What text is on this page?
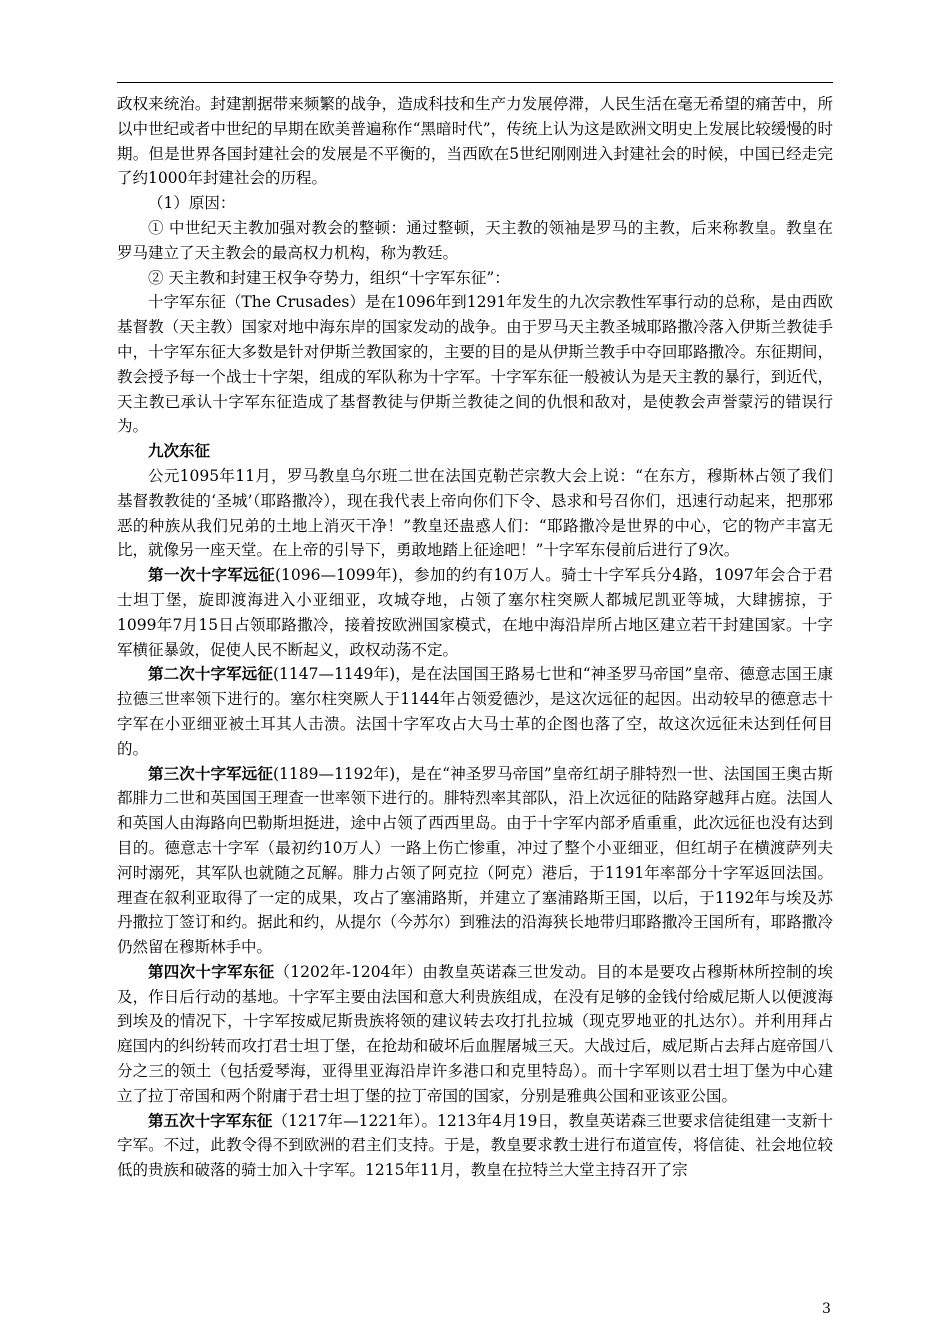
政权来统治。封建割据带来频繁的战争，造成科技和生产力发展停滞，人民生活在毫无希望的痛苦中，所以中世纪或者中世纪的早期在欧美普遍称作“黑暗时代”，传统上认为这是欧洲文明史上发展比较缓慢的时期。但是世界各国封建社会的发展是不平衡的，当西欧在5世纪刚刚进入封建社会的时候，中国已经走完了约1000年封建社会的历程。

（1）原因：

① 中世纪天主教加强对教会的整顿：通过整顿，天主教的领袖是罗马的主教，后来称教皇。教皇在罗马建立了天主教会的最高权力机构，称为教廷。

② 天主教和封建王权争夺势力，组织“十字军东征”：

十字军东征（The Crusades）是在1096年到1291年发生的九次宗教性军事行动的总称，是由西欧基督教（天主教）国家对地中海东岸的国家发动的战争。由于罗马天主教圣城耶路撒冷落入伊斯兰教徒手中，十字军东征大多数是针对伊斯兰教国家的，主要的目的是从伊斯兰教手中夺回耶路撒冷。东征期间，教会授予每一个战士十字架，组成的军队称为十字军。十字军东征一般被认为是天主教的暴行，到近代，天主教已承认十字军东征造成了基督教徒与伊斯兰教徒之间的仇恨和敌对，是使教会声誉蒙污的错误行为。

九次东征

公元1095年11月，罗马教皇乌尔班二世在法国克勒芒宗教大会上说：“在东方，穆斯林占领了我们基督教教徒的‘圣城’（耶路撒冷），现在我代表上帝向你们下令、恳求和号召你们，迅速行动起来，把那邪恶的种族从我们兄弟的土地上消灭干净！”教皇还蛊惑人们：“耶路撒冷是世界的中心，它的物产丰富无比，就像另一座天堂。在上帝的引导下，勇敢地踏上征途吧！”十字军东侵前后进行了9次。

第一次十字军远征(1096—1099年)，参加的约有10万人。骑士十字军兵分4路，1097年会合于君士坦丁堡，旋即渡海进入小亚细亚，攻城夺地，占领了塞尔柱突厥人都城尼凯亚等城，大肆掳掠，于1099年7月15日占领耶路撒冷，接着按欧洲国家模式，在地中海沿岸所占地区建立若干封建国家。十字军横征暴敛，促使人民不断起义，政权动荡不定。

第二次十字军远征(1147—1149年)，是在法国国王路易七世和“神圣罗马帝国”皇帝、德意志国王康拉德三世率领下进行的。塞尔柱突厥人于1144年占领爱德沙，是这次远征的起因。出动较早的德意志十字军在小亚细亚被土耳其人击溃。法国十字军攻占大马士革的企图也落了空，故这次远征未达到任何目的。

第三次十字军远征(1189—1192年)，是在“神圣罗马帝国”皇帝红胡子腓特烈一世、法国国王奥古斯都腓力二世和英国国王理查一世率领下进行的。腓特烈率其部队，沿上次远征的陆路穿越拜占庭。法国人和英国人由海路向巴勒斯坦挺进，途中占领了西西里岛。由于十字军内部矛盾重重，此次远征也没有达到目的。德意志十字军（最初约10万人）一路上伤亡惨重，冲过了整个小亚细亚，但红胡子在横渡萨列夫河时溺死，其军队也就随之瓦解。腓力占领了阿克拉（阿克）港后，于1191年率部分十字军返回法国。理查在叙利亚取得了一定的成果，攻占了塞浦路斯，并建立了塞浦路斯王国，以后，于1192年与埃及苏丹撒拉丁签订和约。据此和约，从提尔（今苏尔）到雅法的沿海狭长地带归耶路撒冷王国所有，耶路撒冷仍然留在穆斯林手中。

第四次十字军东征（1202年-1204年）由教皇英诺森三世发动。目的本是要攻占穆斯林所控制的埃及，作日后行动的基地。十字军主要由法国和意大利贵族组成，在没有足够的金钱付给威尼斯人以便渡海到埃及的情况下，十字军按威尼斯贵族将领的建议转去攻打扎拉城（现克罗地亚的扎达尔）。并利用拜占庭国内的纠纷转而攻打君士坦丁堡，在抢劫和破坏后血腥屠城三天。大战过后，威尼斯占去拜占庭帝国八分之三的领土（包括爱琴海，亚得里亚海沿岸许多港口和克里特岛）。而十字军则以君士坦丁堡为中心建立了拉丁帝国和两个附庸于君士坦丁堡的拉丁帝国的国家，分别是雅典公国和亚该亚公国。

第五次十字军东征（1217年—1221年）。1213年4月19日，教皇英诺森三世要求信徒组建一支新十字军。不过，此教令得不到欧洲的君主们支持。于是，教皇要求教士进行布道宣传，将信徒、社会地位较低的贵族和破落的骑士加入十字军。1215年11月，教皇在拉特兰大堂主持召开了宗

3
